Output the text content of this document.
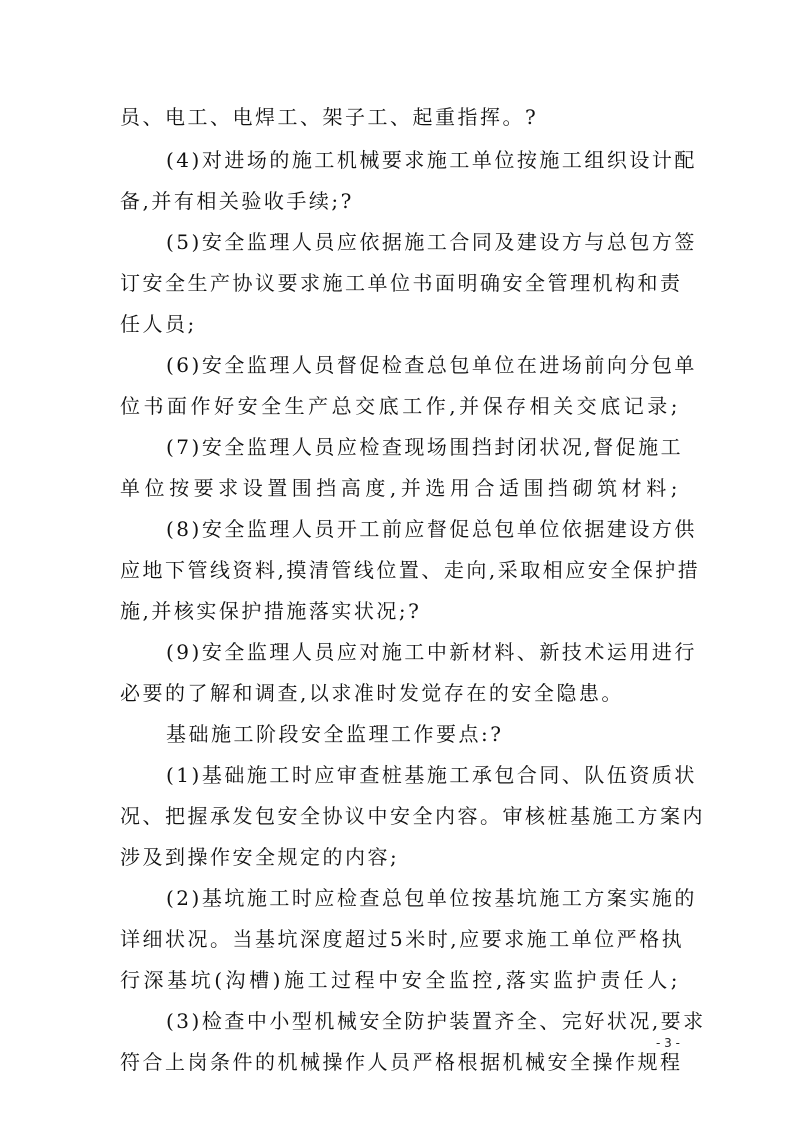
员、电工、电焊工、架子工、起重指挥。?
(4)对进场的施工机械要求施工单位按施工组织设计配
备,并有相关验收手续;?
(5)安全监理人员应依据施工合同及建设方与总包方签
订安全生产协议要求施工单位书面明确安全管理机构和责
任人员;
(6)安全监理人员督促检查总包单位在进场前向分包单
位书面作好安全生产总交底工作,并保存相关交底记录;
(7)安全监理人员应检查现场围挡封闭状况,督促施工
单位按要求设置围挡高度,并选用合适围挡砌筑材料;
(8)安全监理人员开工前应督促总包单位依据建设方供
应地下管线资料,摸清管线位置、走向,采取相应安全保护措
施,并核实保护措施落实状况;?
(9)安全监理人员应对施工中新材料、新技术运用进行
必要的了解和调查,以求准时发觉存在的安全隐患。
基础施工阶段安全监理工作要点:?
(1)基础施工时应审查桩基施工承包合同、队伍资质状
况、把握承发包安全协议中安全内容。审核桩基施工方案内
涉及到操作安全规定的内容;
(2)基坑施工时应检查总包单位按基坑施工方案实施的
详细状况。当基坑深度超过5米时,应要求施工单位严格执
行深基坑(沟槽)施工过程中安全监控,落实监护责任人;
(3)检查中小型机械安全防护装置齐全、完好状况,要求
符合上岗条件的机械操作人员严格根据机械安全操作规程
- 3 -
